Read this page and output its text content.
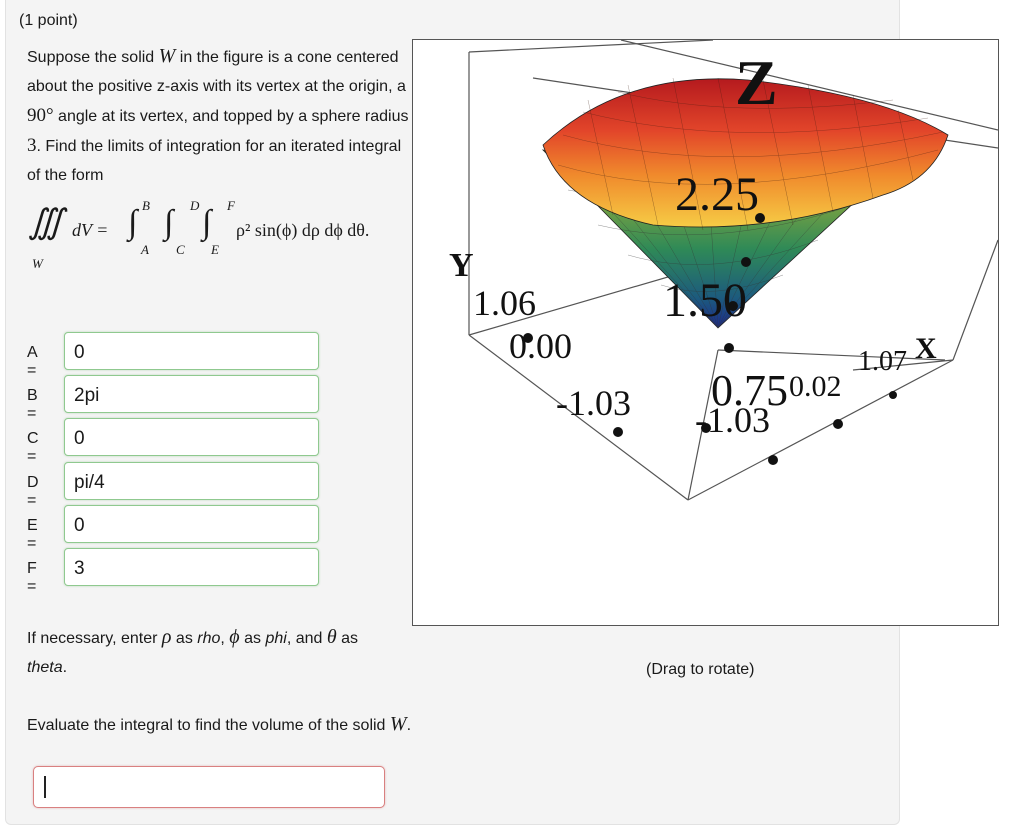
(1 point)
Suppose the solid W in the figure is a cone centered about the positive z-axis with its vertex at the origin, a 90° angle at its vertex, and topped by a sphere radius 3. Find the limits of integration for an iterated integral of the form
∭
W
dV = ∫ B
A
∫ D
C
∫ F
E
ρ² sin(ϕ) dρ dϕ dθ.
A =
0
B =
2pi
C =
0
D =
pi/4
E =
0
F =
3
If necessary, enter ρ as rho, ϕ as phi, and θ as
theta.
Evaluate the integral to find the volume of the solid W.
Z
Y
X
2.25
1.50
0.75
1.06
0.00
-1.03 -1.03
0.02
1.07
(Drag to rotate)
